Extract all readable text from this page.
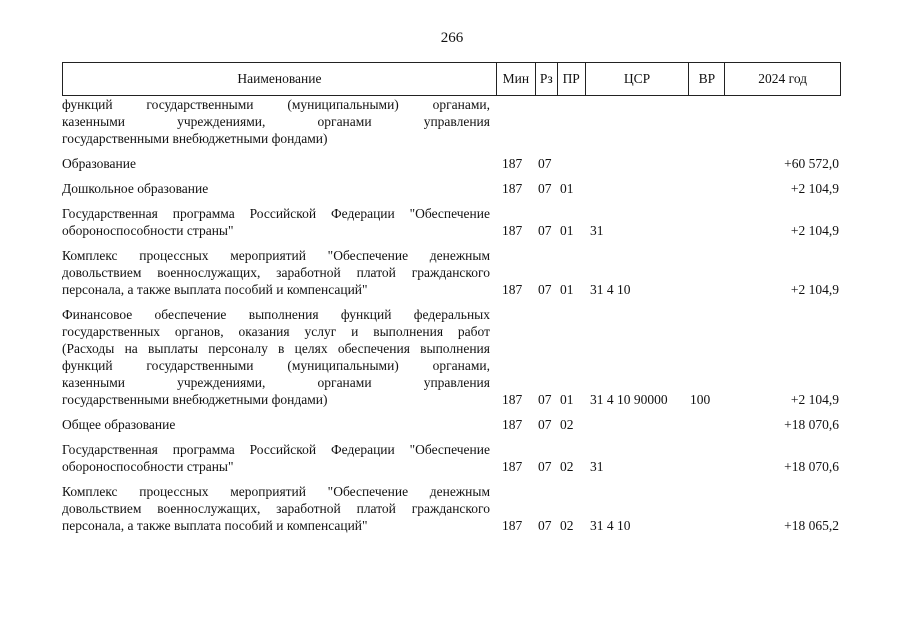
266
Наименование	Мин Рз ПР	ЦСР	ВР	2024 год
функций государственными (муниципальными) органами,
казенными учреждениями, органами управления
государственными внебюджетными фондами)
Образование	187	07	+60 572,0
Дошкольное образование	187	07 01	+2 104,9
Государственная программа Российской Федерации "Обеспечение
обороноспособности страны"	187	07 01	31	+2 104,9
Комплекс процессных мероприятий "Обеспечение денежным
довольствием военнослужащих, заработной платой гражданского
персонала, а также выплата пособий и компенсаций"	187	07 01	31 4 10	+2 104,9
Финансовое обеспечение выполнения функций федеральных
государственных органов, оказания услуг и выполнения работ
(Расходы на выплаты персоналу в целях обеспечения выполнения
функций государственными (муниципальными) органами,
казенными учреждениями, органами управления
государственными внебюджетными фондами)	187	07 01	31 4 10 90000	100	+2 104,9
Общее образование	187	07 02	+18 070,6
Государственная программа Российской Федерации "Обеспечение
обороноспособности страны"	187	07 02	31	+18 070,6
Комплекс процессных мероприятий "Обеспечение денежным
довольствием военнослужащих, заработной платой гражданского
персонала, а также выплата пособий и компенсаций"	187	07 02	31 4 10	+18 065,2
